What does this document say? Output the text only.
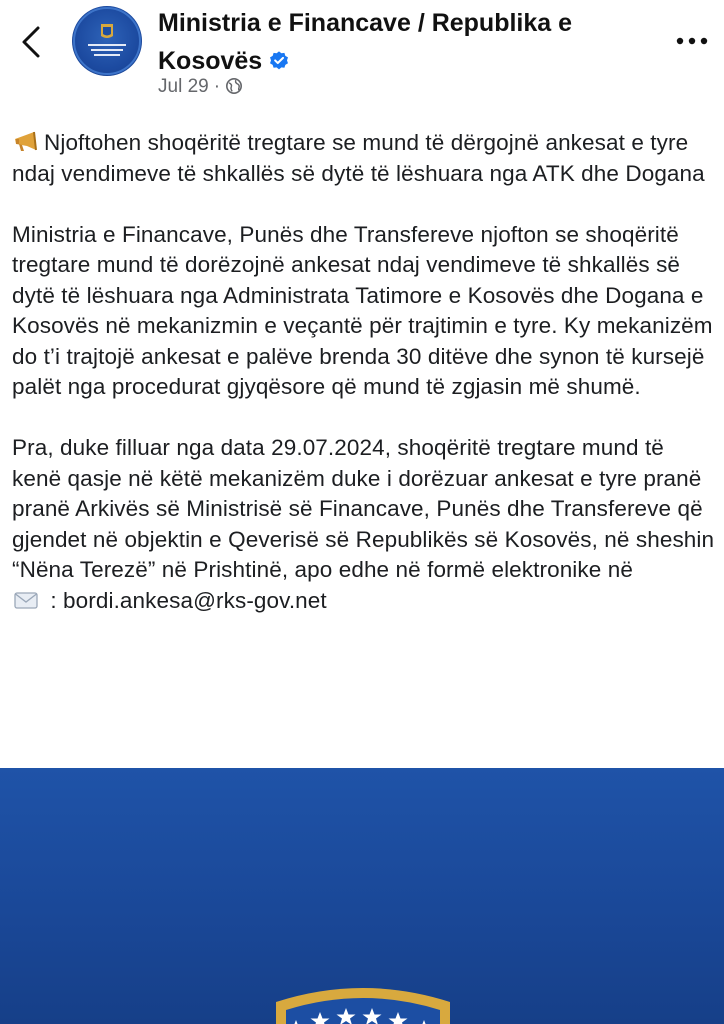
Ministria e Financave / Republika e
Kosovës
Jul 29 ·

Njoftohen shoqëritë tregtare se mund të dërgojnë ankesat e tyre ndaj vendimeve të shkallës së dytë të lëshuara nga ATK dhe Dogana

Ministria e Financave, Punës dhe Transfereve njofton se shoqëritë tregtare mund të dorëzojnë ankesat ndaj vendimeve të shkallës së dytë të lëshuara nga Administrata Tatimore e Kosovës dhe Dogana e Kosovës në mekanizmin e veçantë për trajtimin e tyre. Ky mekanizëm do t’i trajtojë ankesat e palëve brenda 30 ditëve dhe synon të kursejë palët nga procedurat gjyqësore që mund të zgjasin më shumë.

Pra, duke filluar nga data 29.07.2024, shoqëritë tregtare mund të kenë qasje në këtë mekanizëm duke i dorëzuar ankesat e tyre pranë pranë Arkivës së Ministrisë së Financave, Punës dhe Transfereve që gjendet në objektin e Qeverisë së Republikës së Kosovës, në sheshin “Nëna Terezë” në Prishtinë, apo edhe në formë elektronike në
: bordi.ankesa@rks-gov.net
